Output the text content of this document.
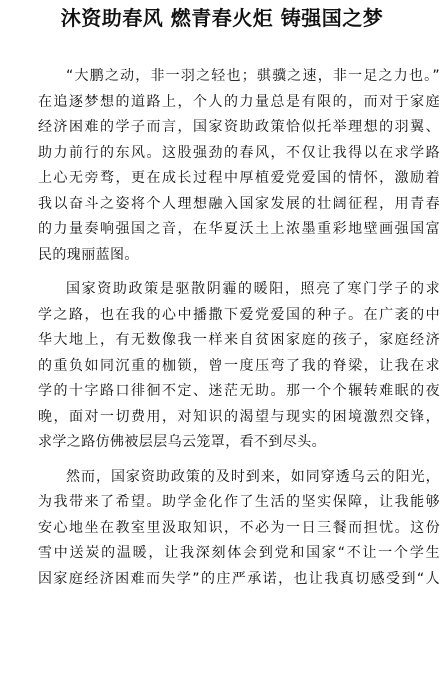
沐资助春风 燃青春火炬 铸强国之梦
“大鹏之动，非一羽之轻也；骐骥之速，非一足之力也。”
在追逐梦想的道路上，个人的力量总是有限的，而对于家庭
经济困难的学子而言，国家资助政策恰似托举理想的羽翼、
助力前行的东风。这股强劲的春风，不仅让我得以在求学路
上心无旁骛，更在成长过程中厚植爱党爱国的情怀，激励着
我以奋斗之姿将个人理想融入国家发展的壮阔征程，用青春
的力量奏响强国之音，在华夏沃土上浓墨重彩地壁画强国富
民的瑰丽蓝图。
国家资助政策是驱散阴霾的暖阳，照亮了寒门学子的求
学之路，也在我的心中播撒下爱党爱国的种子。在广袤的中
华大地上，有无数像我一样来自贫困家庭的孩子，家庭经济
的重负如同沉重的枷锁，曾一度压弯了我的脊梁，让我在求
学的十字路口徘徊不定、迷茫无助。那一个个辗转难眠的夜
晚，面对一切费用，对知识的渴望与现实的困境激烈交锋，
求学之路仿佛被层层乌云笼罩，看不到尽头。
然而，国家资助政策的及时到来，如同穿透乌云的阳光，
为我带来了希望。助学金化作了生活的坚实保障，让我能够
安心地坐在教室里汲取知识，不必为一日三餐而担忧。这份
雪中送炭的温暖，让我深刻体会到党和国家“不让一个学生
因家庭经济困难而失学”的庄严承诺，也让我真切感受到“人
